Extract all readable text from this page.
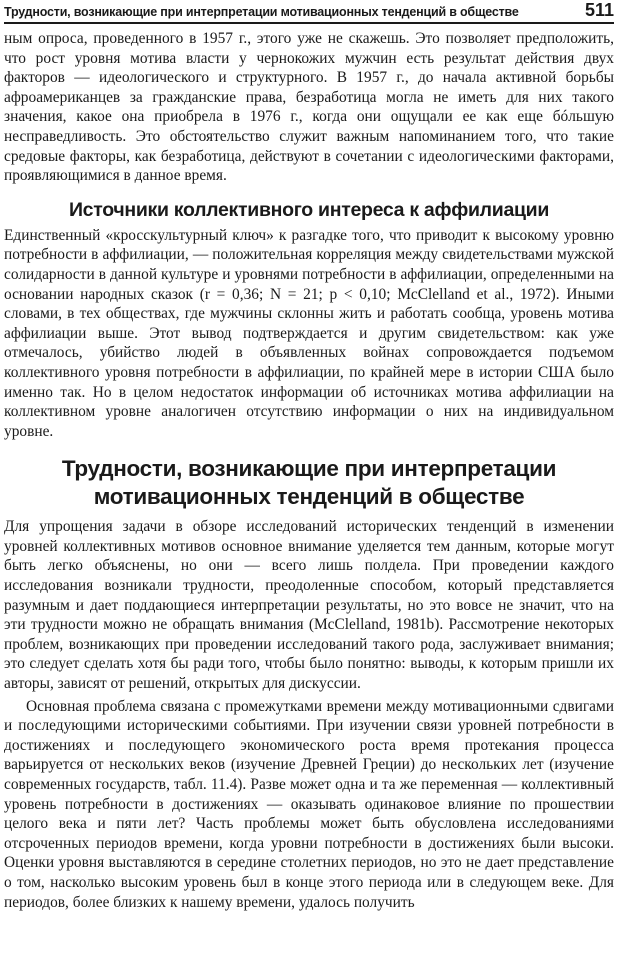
Трудности, возникающие при интерпретации мотивационных тенденций в обществе	511

ным опроса, проведенного в 1957 г., этого уже не скажешь. Это позволяет предположить, что рост уровня мотива власти у чернокожих мужчин есть результат действия двух факторов — идеологического и структурного. В 1957 г., до начала активной борьбы афроамериканцев за гражданские права, безработица могла не иметь для них такого значения, какое она приобрела в 1976 г., когда они ощущали ее как еще бóльшую несправедливость. Это обстоятельство служит важным напоминанием того, что такие средовые факторы, как безработица, действуют в сочетании с идеологическими факторами, проявляющимися в данное время.

Источники коллективного интереса к аффилиации

Единственный «кросскультурный ключ» к разгадке того, что приводит к высокому уровню потребности в аффилиации, — положительная корреляция между свидетельствами мужской солидарности в данной культуре и уровнями потребности в аффилиации, определенными на основании народных сказок (r = 0,36; N = 21; p < 0,10; McClelland et al., 1972). Иными словами, в тех обществах, где мужчины склонны жить и работать сообща, уровень мотива аффилиации выше. Этот вывод подтверждается и другим свидетельством: как уже отмечалось, убийство людей в объявленных войнах сопровождается подъемом коллективного уровня потребности в аффилиации, по крайней мере в истории США было именно так. Но в целом недостаток информации об источниках мотива аффилиации на коллективном уровне аналогичен отсутствию информации о них на индивидуальном уровне.

Трудности, возникающие при интерпретации
мотивационных тенденций в обществе

Для упрощения задачи в обзоре исследований исторических тенденций в изменении уровней коллективных мотивов основное внимание уделяется тем данным, которые могут быть легко объяснены, но они — всего лишь полдела. При проведении каждого исследования возникали трудности, преодоленные способом, который представляется разумным и дает поддающиеся интерпретации результаты, но это вовсе не значит, что на эти трудности можно не обращать внимания (McClelland, 1981b). Рассмотрение некоторых проблем, возникающих при проведении исследований такого рода, заслуживает внимания; это следует сделать хотя бы ради того, чтобы было понятно: выводы, к которым пришли их авторы, зависят от решений, открытых для дискуссии.

Основная проблема связана с промежутками времени между мотивационными сдвигами и последующими историческими событиями. При изучении связи уровней потребности в достижениях и последующего экономического роста время протекания процесса варьируется от нескольких веков (изучение Древней Греции) до нескольких лет (изучение современных государств, табл. 11.4). Разве может одна и та же переменная — коллективный уровень потребности в достижениях — оказывать одинаковое влияние по прошествии целого века и пяти лет? Часть проблемы может быть обусловлена исследованиями отсроченных периодов времени, когда уровни потребности в достижениях были высоки. Оценки уровня выставляются в середине столетних периодов, но это не дает представление о том, насколько высоким уровень был в конце этого периода или в следующем веке. Для периодов, более близких к нашему времени, удалось получить
